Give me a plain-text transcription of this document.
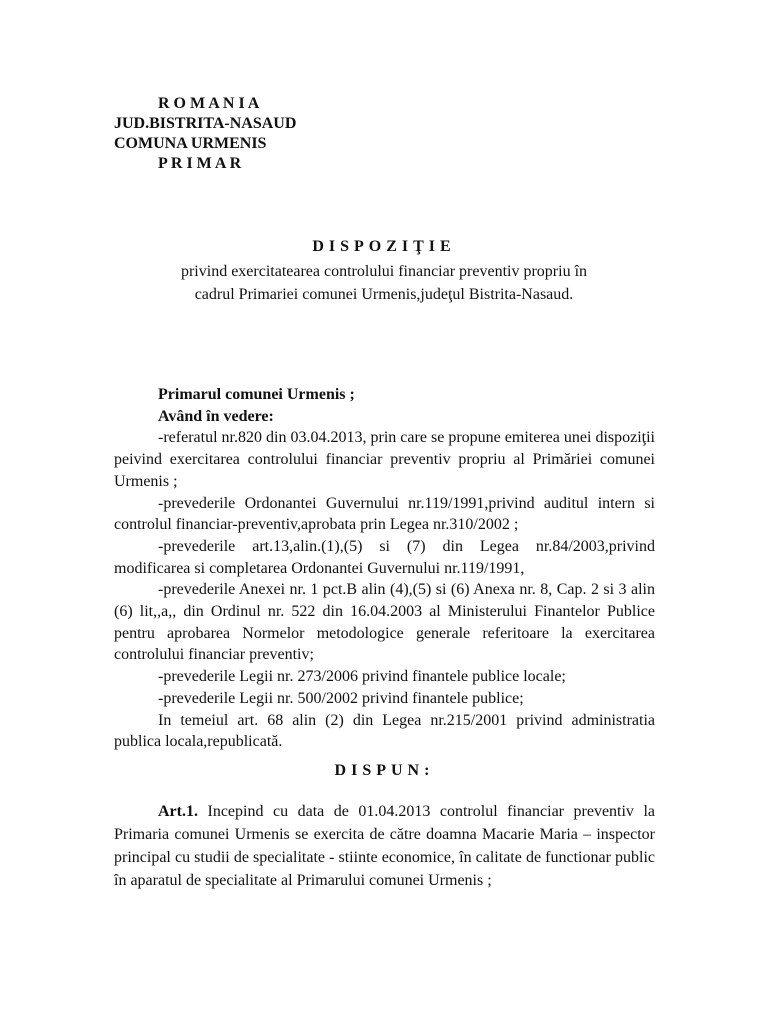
R O M A N I A
JUD.BISTRITA-NASAUD
COMUNA URMENIS
P R I M A R
DISPOZIŢIE
privind exercitatearea controlului financiar preventiv propriu în
cadrul Primariei comunei Urmenis,judeţul Bistrita-Nasaud.

Primarul comunei Urmenis ;

Având în vedere:

-referatul nr.820 din 03.04.2013, prin care se propune emiterea unei dispoziţii peivind exercitarea controlului financiar preventiv propriu al Primăriei comunei Urmenis ;

-prevederile Ordonantei Guvernului nr.119/1991,privind auditul intern si controlul financiar-preventiv,aprobata prin Legea nr.310/2002 ;

-prevederile art.13,alin.(1),(5) si (7) din Legea nr.84/2003,privind modificarea si completarea Ordonantei Guvernului nr.119/1991,

-prevederile Anexei nr. 1 pct.B alin (4),(5) si (6) Anexa nr. 8, Cap. 2 si 3 alin (6) lit,,a,, din Ordinul nr. 522 din 16.04.2003 al Ministerului Finantelor Publice pentru aprobarea Normelor metodologice generale referitoare la exercitarea controlului financiar preventiv;

-prevederile Legii nr. 273/2006 privind finantele publice locale;

-prevederile Legii nr. 500/2002 privind finantele publice;

In temeiul art. 68 alin (2) din Legea nr.215/2001 privind administratia publica locala,republicată.

DISPUN:

Art.1. Incepind cu data de 01.04.2013 controlul financiar preventiv la Primaria comunei Urmenis se exercita de către doamna Macarie Maria – inspector principal cu studii de specialitate - stiinte economice, în calitate de functionar public în aparatul de specialitate al Primarului comunei Urmenis ;
